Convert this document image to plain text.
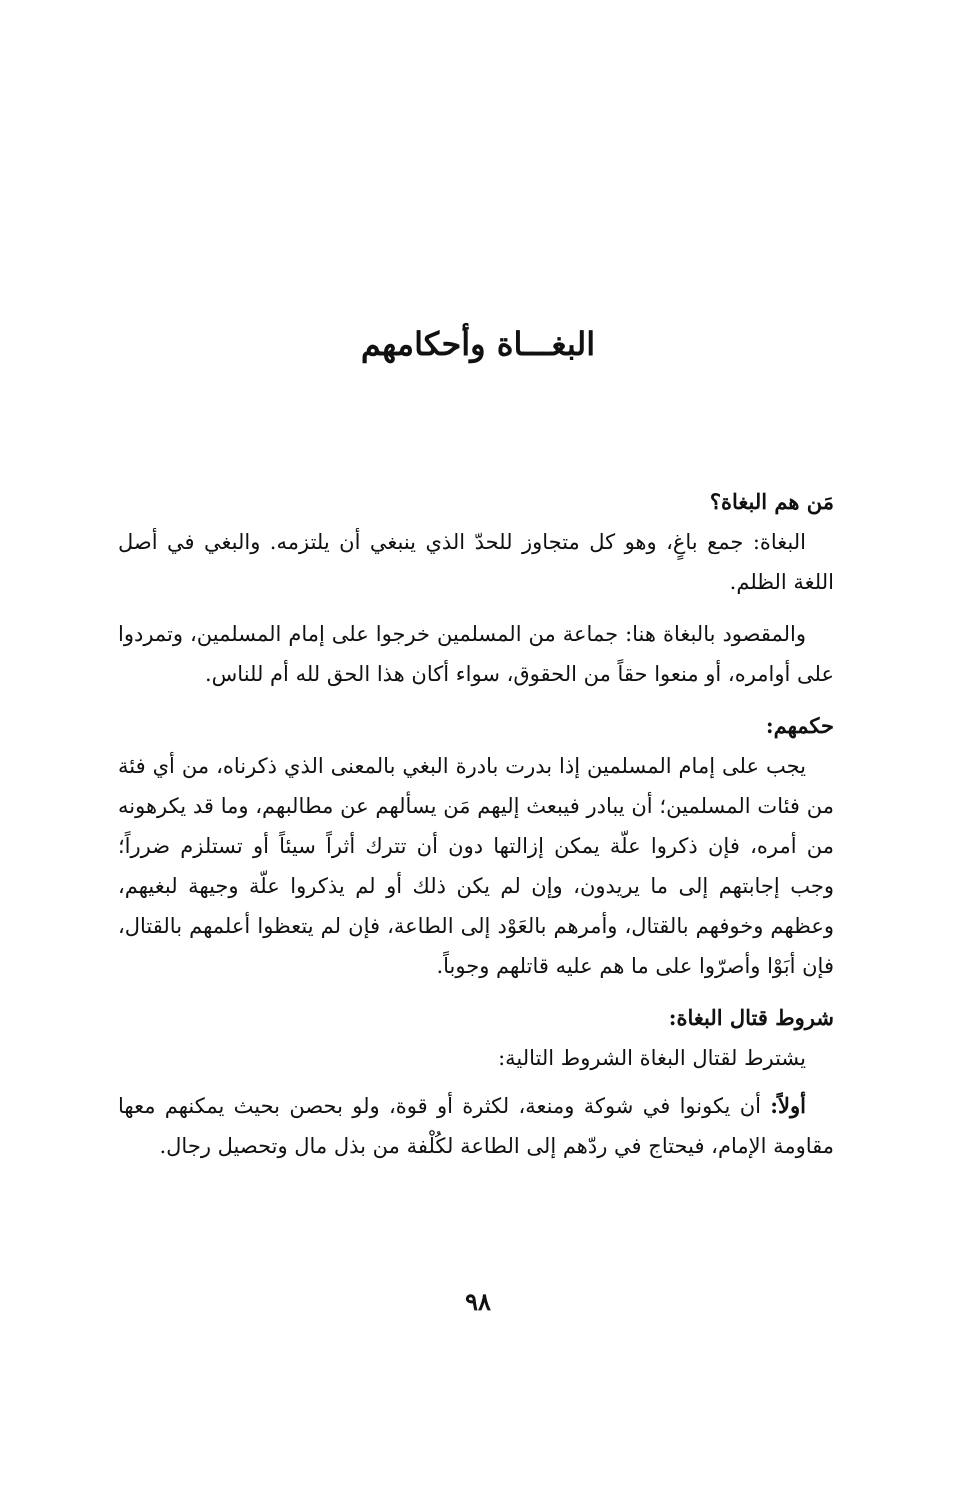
البغـــاة وأحكامهم
مَن هم البغاة؟

البغاة: جمع باغٍ، وهو كل متجاوز للحدّ الذي ينبغي أن يلتزمه. والبغي في أصل اللغة الظلم.

والمقصود بالبغاة هنا: جماعة من المسلمين خرجوا على إمام المسلمين، وتمردوا على أوامره، أو منعوا حقاً من الحقوق، سواء أكان هذا الحق لله أم للناس.

حكمهم:

يجب على إمام المسلمين إذا بدرت بادرة البغي بالمعنى الذي ذكرناه، من أي فئة من فئات المسلمين؛ أن يبادر فيبعث إليهم مَن يسألهم عن مطالبهم، وما قد يكرهونه من أمره، فإن ذكروا علّة يمكن إزالتها دون أن تترك أثراً سيئاً أو تستلزم ضرراً؛ وجب إجابتهم إلى ما يريدون، وإن لم يكن ذلك أو لم يذكروا علّة وجيهة لبغيهم، وعظهم وخوفهم بالقتال، وأمرهم بالعَوْد إلى الطاعة، فإن لم يتعظوا أعلمهم بالقتال، فإن أبَوْا وأصرّوا على ما هم عليه قاتلهم وجوباً.

شروط قتال البغاة:

يشترط لقتال البغاة الشروط التالية:

أولاً: أن يكونوا في شوكة ومنعة، لكثرة أو قوة، ولو بحصن بحيث يمكنهم معها مقاومة الإمام، فيحتاج في ردّهم إلى الطاعة لكُلْفة من بذل مال وتحصيل رجال.

٩٨
